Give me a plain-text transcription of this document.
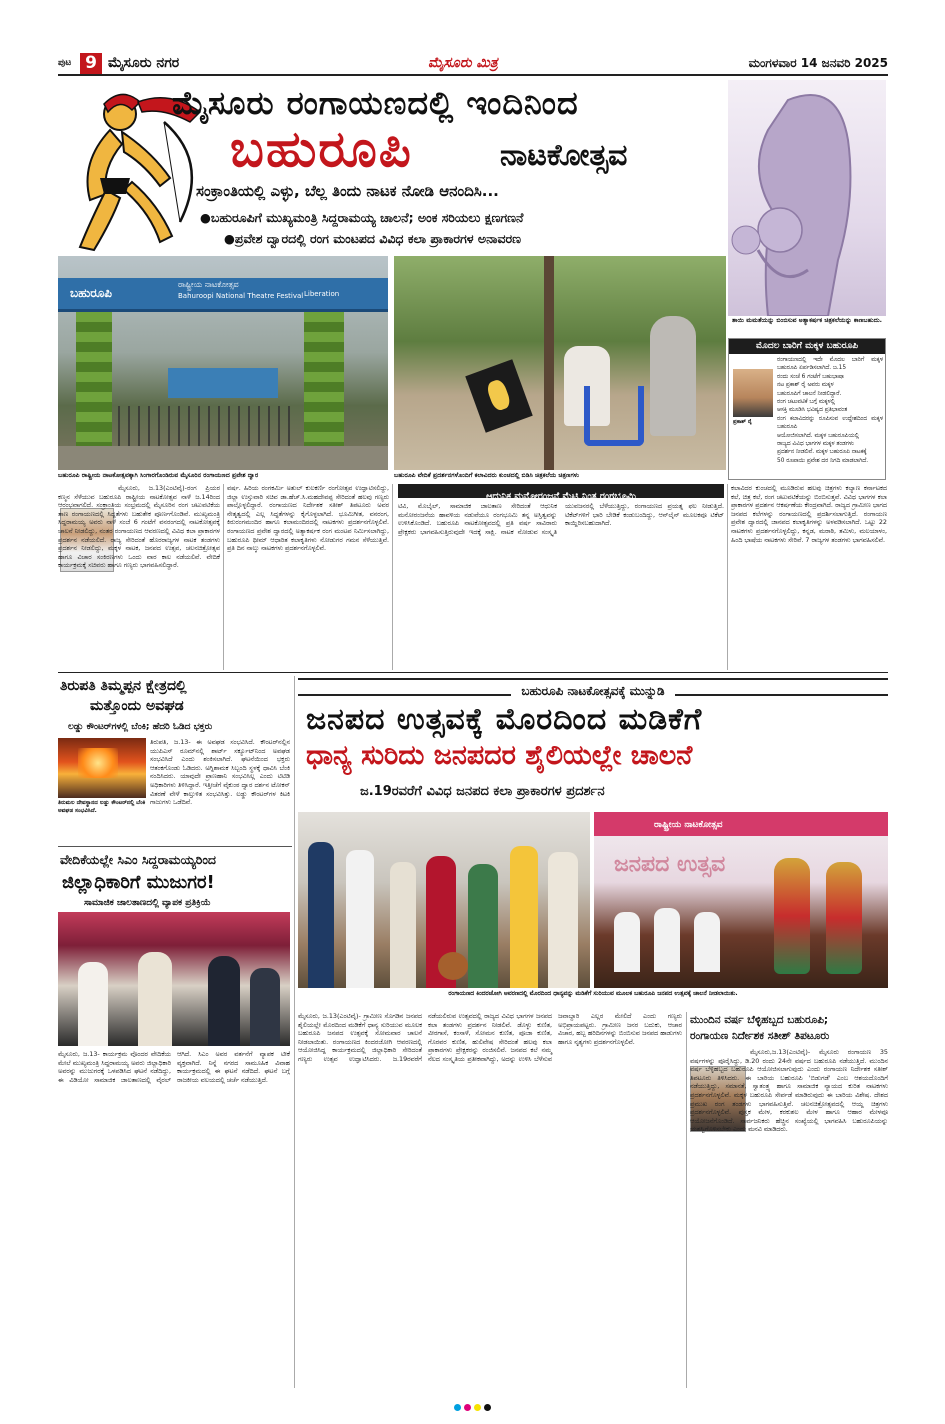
ಪುಟ 9 ಮೈಸೂರು ನಗರ	ಮೈಸೂರು ಮಿತ್ರ	ಮಂಗಳವಾರ 14 ಜನವರಿ 2025
ಮೈಸೂರು ರಂಗಾಯಣದಲ್ಲಿ ಇಂದಿನಿಂದ
ಬಹುರೂಪಿ	ನಾಟಕೋತ್ಸವ
ಸಂಕ್ರಾಂತಿಯಲ್ಲಿ ಎಳ್ಳು, ಬೆಲ್ಲ ತಿಂದು ನಾಟಕ ನೋಡಿ ಆನಂದಿಸಿ...
●ಬಹುರೂಪಿಗೆ ಮುಖ್ಯಮಂತ್ರಿ ಸಿದ್ದರಾಮಯ್ಯ ಚಾಲನೆ; ಅಂಕ ಸರಿಯಲು ಕ್ಷಣಗಣನೆ
●ಪ್ರವೇಶ ದ್ವಾರದಲ್ಲಿ ರಂಗ ಮಂಟಪದ ವಿವಿಧ ಕಲಾ ಪ್ರಾಕಾರಗಳ ಅನಾವರಣ
ತಾಯಿ ಮಮತೆಯನ್ನು ಬಿಂಬಿಸುವ ಅತ್ಯಾಕರ್ಷಕ ಚಿತ್ರಕಲೆಯನ್ನು ಕಾಣಬಹುದು.
ಬಹುರೂಪಿ
ರಾಷ್ಟ್ರೀಯ ನಾಟಕೋತ್ಸವ
Bahuroopi National Theatre Festival Liberation
ಬಹುರೂಪಿ ರಾಷ್ಟ್ರೀಯ ನಾಟಕೋತ್ಸವಕ್ಕಾಗಿ ಸಿಂಗಾರಗೊಂಡಿರುವ ಮೈಸೂರಿನ ರಂಗಾಯಣದ ಪ್ರವೇಶ ದ್ವಾರ	ಬಹುರೂಪಿ ವೇದಿಕೆ ಪ್ರದರ್ಶನಗಳೊಂದಿಗೆ ಕಲಾವಿದರು ಕುಂಚದಲ್ಲಿ ಬಿಡಿಸಿ ಚಿತ್ರಕಲೆಯ ಚಿತ್ರಣಗಳು
ಮೊದಲ ಬಾರಿಗೆ ಮಕ್ಕಳ ಬಹುರೂಪಿ
ಪ್ರಕಾಶ್ ರೈ
ರಂಗಾಯಣದಲ್ಲಿ ಇದೇ ಮೊದಲ ಬಾರಿಗೆ ಮಕ್ಕಳ ಬಹುರೂಪಿ ಏರ್ಪಡಿಸಲಾಗಿದೆ. ಜ.15
ರಂದು ಸಂಜೆ 6 ಗಂಟೆಗೆ ಬಹುಭಾಷಾ
ನಟ ಪ್ರಕಾಶ್ ರೈ ಅವರು ಮಕ್ಕಳ
ಬಹುರೂಪಿಗೆ ಚಾಲನೆ ನೀಡಲಿದ್ದಾರೆ.
ರಂಗ ಚಟುವಟಿಕೆ ಬಗ್ಗೆ ಮಕ್ಕಳಲ್ಲಿ
ಆಸಕ್ತಿ ಮೂಡಿಸಿ ಭವಿಷ್ಯದ ಪ್ರತಿಭಾವಂತ
ರಂಗ ಕಲಾವಿದರನ್ನು ರೂಪಿಸುವ ಉದ್ದೇಶದಿಂದ ಮಕ್ಕಳ ಬಹುರೂಪಿ
ಆಯೋಜಿಸಲಾಗಿದೆ. ಮಕ್ಕಳ ಬಹುರೂಪಿಯಲ್ಲಿ
ರಾಜ್ಯದ ವಿವಿಧ ಭಾಗಗಳ ಮಕ್ಕಳ ತಂಡಗಳು
ಪ್ರದರ್ಶನ ನೀಡಲಿವೆ. ಮಕ್ಕಳ ಬಹುರೂಪಿ ನಾಟಕಕ್ಕೆ
50 ರೂಪಾಯಿ ಪ್ರವೇಶ ದರ ನಿಗದಿ ಮಾಡಲಾಗಿದೆ.
ಮೈಸೂರು, ಜ.13(ಎಂಟಿವೈ)-ರಂಗ ಪ್ರಿಯರ ಕಣ್ಮನ ಸೆಳೆಯುವ ಬಹುರೂಪಿ ರಾಷ್ಟ್ರೀಯ ನಾಟಕೋತ್ಸವ ನಾಳೆ ಜ.14ರಿಂದ ಆರಂಭವಾಗಲಿದೆ. ಸಂಕ್ರಾಂತಿಯ ಸಂಭ್ರಮದಲ್ಲಿ ಮೈಸೂರಿನ ರಂಗ ಚಟುವಟಿಕೆಯ ತಾಣ ರಂಗಾಯಣದಲ್ಲಿ ಸಿದ್ಧತೆಗಳು ಬಹುತೇಕ ಪೂರ್ಣಗೊಂಡಿವೆ. ಮುಖ್ಯಮಂತ್ರಿ ಸಿದ್ದರಾಮಯ್ಯ ಅವರು ನಾಳೆ ಸಂಜೆ 6 ಗಂಟೆಗೆ ವನರಂಗದಲ್ಲಿ ನಾಟಕೋತ್ಸವಕ್ಕೆ ಚಾಲನೆ ನೀಡಲಿದ್ದು, ನಂತರ ರಂಗಾಯಣದ ಆವರಣದಲ್ಲಿ ವಿವಿಧ ಕಲಾ ಪ್ರಾಕಾರಗಳ ಪ್ರದರ್ಶನ ನಡೆಯಲಿದೆ. ರಾಜ್ಯ ಸೇರಿದಂತೆ ಹೊರರಾಜ್ಯಗಳ ನಾಟಕ ತಂಡಗಳು ಪ್ರದರ್ಶನ ನೀಡಲಿದ್ದು, ಮಕ್ಕಳ ನಾಟಕ, ಜನಪದ ಉತ್ಸವ, ಚಲನಚಿತ್ರೋತ್ಸವ ಹಾಗೂ ವಿಚಾರ ಸಂಕಿರಣಗಳು ಒಂದು ವಾರ ಕಾಲ ನಡೆಯಲಿವೆ. ವೇದಿಕೆ ಕಾರ್ಯಕ್ರಮಕ್ಕೆ ಸಚಿವರು ಹಾಗೂ ಗಣ್ಯರು ಭಾಗವಹಿಸಲಿದ್ದಾರೆ.
ವರ್ಷ. ಹಿರಿಯ ರಂಗಕರ್ಮಿ ಅತುಲ್ ಕುಲಕರ್ಣಿ ರಂಗೋತ್ಸವ ಉದ್ಘಾಟಿಸಲಿದ್ದು, ಜಿಲ್ಲಾ ಉಸ್ತುವಾರಿ ಸಚಿವ ಡಾ.ಹೆಚ್.ಸಿ.ಮಹದೇವಪ್ಪ ಸೇರಿದಂತೆ ಹಲವು ಗಣ್ಯರು ಪಾಲ್ಗೊಳ್ಳಲಿದ್ದಾರೆ. ರಂಗಾಯಣದ ನಿರ್ದೇಶಕ ಸತೀಶ್ ತಿಪಟೂರು ಅವರ ನೇತೃತ್ವದಲ್ಲಿ ಎಲ್ಲ ಸಿದ್ಧತೆಗಳನ್ನು ಕೈಗೊಳ್ಳಲಾಗಿದೆ. ಭೂಮಿಗೀತ, ವನರಂಗ, ಕಿರುರಂಗಮಂದಿರ ಹಾಗೂ ಕಲಾಮಂದಿರದಲ್ಲಿ ನಾಟಕಗಳು ಪ್ರದರ್ಶನಗೊಳ್ಳಲಿವೆ. ರಂಗಾಯಣದ ಪ್ರವೇಶ ದ್ವಾರದಲ್ಲಿ ಅತ್ಯಾಕರ್ಷಕ ರಂಗ ಮಂಟಪ ನಿರ್ಮಿಸಲಾಗಿದ್ದು, ಬಹುರೂಪಿ ಥೀಮ್ ಆಧಾರಿತ ಕಲಾಕೃತಿಗಳು ನೋಡುಗರ ಗಮನ ಸೆಳೆಯುತ್ತಿವೆ. ಪ್ರತಿ ದಿನ ನಾಲ್ಕು ನಾಟಕಗಳು ಪ್ರದರ್ಶನಗೊಳ್ಳಲಿವೆ.
ಆಧುನಿಕ ಮನೋರಂಜನೆ ಮೆಟ್ಟಿ ನಿಂತ ರಂಗಭೂಮಿ
ಟಿವಿ, ಮೊಬೈಲ್, ಸಾಮಾಜಿಕ ಜಾಲತಾಣ ಸೇರಿದಂತೆ ಆಧುನಿಕ ಮನೋರಂಜನೆಯ ಹಾವಳಿಯ ನಡುವೆಯೂ ರಂಗಭೂಮಿ ತನ್ನ ಅಸ್ತಿತ್ವವನ್ನು ಉಳಿಸಿಕೊಂಡಿದೆ. ಬಹುರೂಪಿ ನಾಟಕೋತ್ಸವದಲ್ಲಿ ಪ್ರತಿ ವರ್ಷ ಸಾವಿರಾರು ಪ್ರೇಕ್ಷಕರು ಭಾಗವಹಿಸುತ್ತಿರುವುದೇ ಇದಕ್ಕೆ ಸಾಕ್ಷಿ. ನಾಟಕ ನೋಡುವ ಸಂಸ್ಕೃತಿ ಯುವಜನರಲ್ಲಿ ಬೆಳೆಯುತ್ತಿದ್ದು, ರಂಗಾಯಣದ ಪ್ರಯತ್ನ ಫಲ ನೀಡುತ್ತಿದೆ. ಟಿಕೆಟ್‌ಗಳಿಗೆ ಭಾರಿ ಬೇಡಿಕೆ ಕಂಡುಬಂದಿದ್ದು, ಆನ್‌ಲೈನ್ ಮೂಲಕವೂ ಟಿಕೆಟ್ ಕಾಯ್ದಿರಿಸಬಹುದಾಗಿದೆ.
ಕಲಾವಿದರ ಕುಂಚದಲ್ಲಿ ಮೂಡಿರುವ ಹಲವು ಚಿತ್ರಗಳು ಕಲ್ಯಾಣ ಕರ್ನಾಟಕದ ಕಲೆ, ಚಿತ್ರ ಕಲೆ, ರಂಗ ಚಟುವಟಿಕೆಯನ್ನು ಬಿಂಬಿಸುತ್ತವೆ. ವಿವಿಧ ಭಾಗಗಳ ಕಲಾ ಪ್ರಾಕಾರಗಳ ಪ್ರದರ್ಶನ ಆಕರ್ಷಣೆಯ ಕೇಂದ್ರವಾಗಿದೆ. ರಾಜ್ಯದ ಗ್ರಾಮೀಣ ಭಾಗದ ಜನಪದ ಕಲೆಗಳನ್ನು ರಂಗಾಯಣದಲ್ಲಿ ಪ್ರದರ್ಶಿಸಲಾಗುತ್ತಿದೆ. ರಂಗಾಯಣ ಪ್ರವೇಶ ದ್ವಾರದಲ್ಲಿ ಜಾನಪದ ಕಲಾಕೃತಿಗಳನ್ನು ಅಳವಡಿಸಲಾಗಿದೆ. ಒಟ್ಟು 22 ನಾಟಕಗಳು ಪ್ರದರ್ಶನಗೊಳ್ಳಲಿದ್ದು, ಕನ್ನಡ, ಮರಾಠಿ, ತಮಿಳು, ಮಲಯಾಳಂ, ಹಿಂದಿ ಭಾಷೆಯ ನಾಟಕಗಳು ಸೇರಿವೆ. 7 ರಾಜ್ಯಗಳ ತಂಡಗಳು ಭಾಗವಹಿಸಲಿವೆ.
ತಿರುಪತಿ ತಿಮ್ಮಪ್ಪನ ಕ್ಷೇತ್ರದಲ್ಲಿ
ಮತ್ತೊಂದು ಅವಘಡ
ಲಡ್ಡು ಕೌಂಟರ್‌ಗಳಲ್ಲಿ ಬೆಂಕಿ; ಹೆದರಿ ಓಡಿದ ಭಕ್ತರು
ತಿರುಮಲ ದೇವಸ್ಥಾನದ ಲಡ್ಡು ಕೌಂಟರ್‌ನಲ್ಲಿ ಬೆಂಕಿ ಅವಘಡ ಸಂಭವಿಸಿದೆ.
ತಿರುಪತಿ, ಜ.13- ಈ ಅವಘಡ ಸಂಭವಿಸಿದೆ. ಕೌಂಟರ್‌ನಲ್ಲಿನ ಯುಪಿಎಸ್ ರೂಮ್‌ನಲ್ಲಿ ಶಾರ್ಟ್ ಸರ್ಕ್ಯೂಟ್‌ನಿಂದ ಅವಘಡ ಸಂಭವಿಸಿದೆ ಎಂದು ಶಂಕಿಸಲಾಗಿದೆ. ಘಟನೆಯಿಂದ ಭಕ್ತರು ಆತಂಕಗೊಂಡು ಓಡಿದರು. ಅಗ್ನಿಶಾಮಕ ಸಿಬ್ಬಂದಿ ಸ್ಥಳಕ್ಕೆ ಧಾವಿಸಿ ಬೆಂಕಿ ನಂದಿಸಿದರು. ಯಾವುದೇ ಪ್ರಾಣಹಾನಿ ಸಂಭವಿಸಿಲ್ಲ ಎಂದು ಟಿಟಿಡಿ ಅಧಿಕಾರಿಗಳು ತಿಳಿಸಿದ್ದಾರೆ. ಇತ್ತೀಚೆಗೆ ವೈಕುಂಠ ದ್ವಾರ ದರ್ಶನ ಟೋಕನ್ ವಿತರಣೆ ವೇಳೆ ಕಾಲ್ತುಳಿತ ಸಂಭವಿಸಿತ್ತು. ಲಡ್ಡು ಕೌಂಟರ್‌ಗಳ ಕಿಟಕಿ ಗಾಜುಗಳು ಒಡೆದಿವೆ.
ವೇದಿಕೆಯಲ್ಲೇ ಸಿಎಂ ಸಿದ್ದರಾಮಯ್ಯರಿಂದ
ಜಿಲ್ಲಾಧಿಕಾರಿಗೆ ಮುಜುಗರ!
ಸಾಮಾಜಿಕ ಜಾಲತಾಣದಲ್ಲಿ ವ್ಯಾಪಕ ಪ್ರತಿಕ್ರಿಯೆ
ಮೈಸೂರು, ಜ.13- ಕಾರ್ಯಕ್ರಮ ವೊಂದರ ವೇದಿಕೆಯ ಮೇಲೆ ಮುಖ್ಯಮಂತ್ರಿ ಸಿದ್ದರಾಮಯ್ಯ ಅವರು ಜಿಲ್ಲಾಧಿಕಾರಿ ಅವರನ್ನು ಮುಜುಗರಕ್ಕೆ ಒಳಪಡಿಸಿದ ಘಟನೆ ನಡೆದಿದ್ದು, ಈ ವಿಡಿಯೋ ಸಾಮಾಜಿಕ ಜಾಲತಾಣದಲ್ಲಿ ವೈರಲ್ ಆಗಿದೆ. ಸಿಎಂ ಅವರ ವರ್ತನೆಗೆ ವ್ಯಾಪಕ ಟೀಕೆ ವ್ಯಕ್ತವಾಗಿದೆ. ನಿನ್ನೆ ನಗರದ ಸಾಮೂಹಿಕ ವಿವಾಹ ಕಾರ್ಯಕ್ರಮದಲ್ಲಿ ಈ ಘಟನೆ ನಡೆದಿದೆ. ಘಟನೆ ಬಗ್ಗೆ ರಾಜಕೀಯ ವಲಯದಲ್ಲಿ ಚರ್ಚೆ ನಡೆಯುತ್ತಿದೆ.
ಬಹುರೂಪಿ ನಾಟಕೋತ್ಸವಕ್ಕೆ ಮುನ್ನುಡಿ
ಜನಪದ ಉತ್ಸವಕ್ಕೆ ಮೊರದಿಂದ ಮಡಿಕೆಗೆ
ಧಾನ್ಯ ಸುರಿದು ಜನಪದರ ಶೈಲಿಯಲ್ಲೇ ಚಾಲನೆ
ಜ.19ರವರೆಗೆ ವಿವಿಧ ಜನಪದ ಕಲಾ ಪ್ರಾಕಾರಗಳ ಪ್ರದರ್ಶನ
ರಾಷ್ಟ್ರೀಯ ನಾಟಕೋತ್ಸವ
ಜನಪದ ಉತ್ಸವ
ರಂಗಾಯಣದ ಕಿಂದರಜೋಗಿ ಆವರಣದಲ್ಲಿ ಮೊರದಿಂದ ಧಾನ್ಯವನ್ನು ಮಡಿಕೆಗೆ ಸುರಿಯುವ ಮೂಲಕ ಬಹುರೂಪಿ ಜನಪದ ಉತ್ಸವಕ್ಕೆ ಚಾಲನೆ ನೀಡಲಾಯಿತು.
ಮೈಸೂರು, ಜ.13(ಎಂಟಿವೈ)- ಗ್ರಾಮೀಣ ಸೊಗಡಿನ ಜನಪದ ಶೈಲಿಯಲ್ಲೇ ಮೊರದಿಂದ ಮಡಿಕೆಗೆ ಧಾನ್ಯ ಸುರಿಯುವ ಮೂಲಕ ಬಹುರೂಪಿ ಜನಪದ ಉತ್ಸವಕ್ಕೆ ಸೋಮವಾರ ಚಾಲನೆ ನೀಡಲಾಯಿತು. ರಂಗಾಯಣದ ಕಿಂದರಜೋಗಿ ಆವರಣದಲ್ಲಿ ಆಯೋಜಿಸಿದ್ದ ಕಾರ್ಯಕ್ರಮದಲ್ಲಿ ಜಿಲ್ಲಾಧಿಕಾರಿ ಸೇರಿದಂತೆ ಗಣ್ಯರು ಉತ್ಸವ ಉದ್ಘಾಟಿಸಿದರು. ಜ.19ರವರೆಗೆ ನಡೆಯಲಿರುವ ಉತ್ಸವದಲ್ಲಿ ರಾಜ್ಯದ ವಿವಿಧ ಭಾಗಗಳ ಜನಪದ ಕಲಾ ತಂಡಗಳು ಪ್ರದರ್ಶನ ನೀಡಲಿವೆ. ಡೊಳ್ಳು ಕುಣಿತ, ವೀರಗಾಸೆ, ಕಂಸಾಳೆ, ಸೋಮನ ಕುಣಿತ, ಪೂಜಾ ಕುಣಿತ, ಗೊರವರ ಕುಣಿತ, ಹುಲಿವೇಷ ಸೇರಿದಂತೆ ಹಲವು ಕಲಾ ಪ್ರಾಕಾರಗಳು ಪ್ರೇಕ್ಷಕರನ್ನು ರಂಜಿಸಲಿವೆ. ಜನಪದ ಕಲೆ ನಮ್ಮ ನೆಲದ ಸಂಸ್ಕೃತಿಯ ಪ್ರತೀಕವಾಗಿದ್ದು, ಅದನ್ನು ಉಳಿಸಿ ಬೆಳೆಸುವ ಜವಾಬ್ದಾರಿ ಎಲ್ಲರ ಮೇಲಿದೆ ಎಂದು ಗಣ್ಯರು ಅಭಿಪ್ರಾಯಪಟ್ಟರು. ಗ್ರಾಮೀಣ ಜನರ ಬದುಕು, ಆಚಾರ ವಿಚಾರ, ಹಬ್ಬ ಹರಿದಿನಗಳನ್ನು ಬಿಂಬಿಸುವ ಜನಪದ ಹಾಡುಗಳು ಹಾಗೂ ನೃತ್ಯಗಳು ಪ್ರದರ್ಶನಗೊಳ್ಳಲಿವೆ.
ಮುಂದಿನ ವರ್ಷ ಬೆಳ್ಳಿಹಬ್ಬದ ಬಹುರೂಪಿ;
ರಂಗಾಯಣ ನಿರ್ದೇಶಕ ಸತೀಶ್ ತಿಪಟೂರು
ಮೈಸೂರು,ಜ.13(ಎಂಟಿವೈ)- ಮೈಸೂರು ರಂಗಾಯಣ 35 ವರ್ಷಗಳನ್ನು ಪೂರೈಸಿದ್ದು, ಡಿ.20 ರಂದು 24ನೇ ವರ್ಷದ ಬಹುರೂಪಿ ನಡೆಯುತ್ತಿದೆ. ಮುಂದಿನ ವರ್ಷ ಬೆಳ್ಳಿಹಬ್ಬದ ಬಹುರೂಪಿ ಆಯೋಜಿಸಲಾಗುವುದು ಎಂದು ರಂಗಾಯಣ ನಿರ್ದೇಶಕ ಸತೀಶ್ ತಿಪಟೂರು ತಿಳಿಸಿದರು. ಈ ಬಾರಿಯ ಬಹುರೂಪಿ 'ಬಿಡುಗಡೆ' ಎಂಬ ಆಶಯದೊಂದಿಗೆ ನಡೆಯುತ್ತಿದ್ದು, ಸಮಾನತೆ, ಸ್ವಾತಂತ್ರ್ಯ ಹಾಗೂ ಸಾಮಾಜಿಕ ನ್ಯಾಯದ ಕುರಿತ ನಾಟಕಗಳು ಪ್ರದರ್ಶನಗೊಳ್ಳಲಿವೆ. ಮಕ್ಕಳ ಬಹುರೂಪಿ ಸೇರ್ಪಡೆ ಮಾಡಿರುವುದು ಈ ಬಾರಿಯ ವಿಶೇಷ. ದೇಶದ ಪ್ರಮುಖ ರಂಗ ತಂಡಗಳು ಭಾಗವಹಿಸುತ್ತಿವೆ. ಚಲನಚಿತ್ರೋತ್ಸವದಲ್ಲಿ ಆಯ್ದ ಚಿತ್ರಗಳು ಪ್ರದರ್ಶನಗೊಳ್ಳಲಿವೆ. ಪುಸ್ತಕ ಮೇಳ, ಕರಕುಶಲ ಮೇಳ ಹಾಗೂ ಆಹಾರ ಮೇಳವೂ ಆಯೋಜನೆಗೊಂಡಿದೆ. ಸಾರ್ವಜನಿಕರು ಹೆಚ್ಚಿನ ಸಂಖ್ಯೆಯಲ್ಲಿ ಭಾಗವಹಿಸಿ ಬಹುರೂಪಿಯನ್ನು ಯಶಸ್ವಿಗೊಳಿಸಬೇಕು ಎಂದು ಮನವಿ ಮಾಡಿದರು.
